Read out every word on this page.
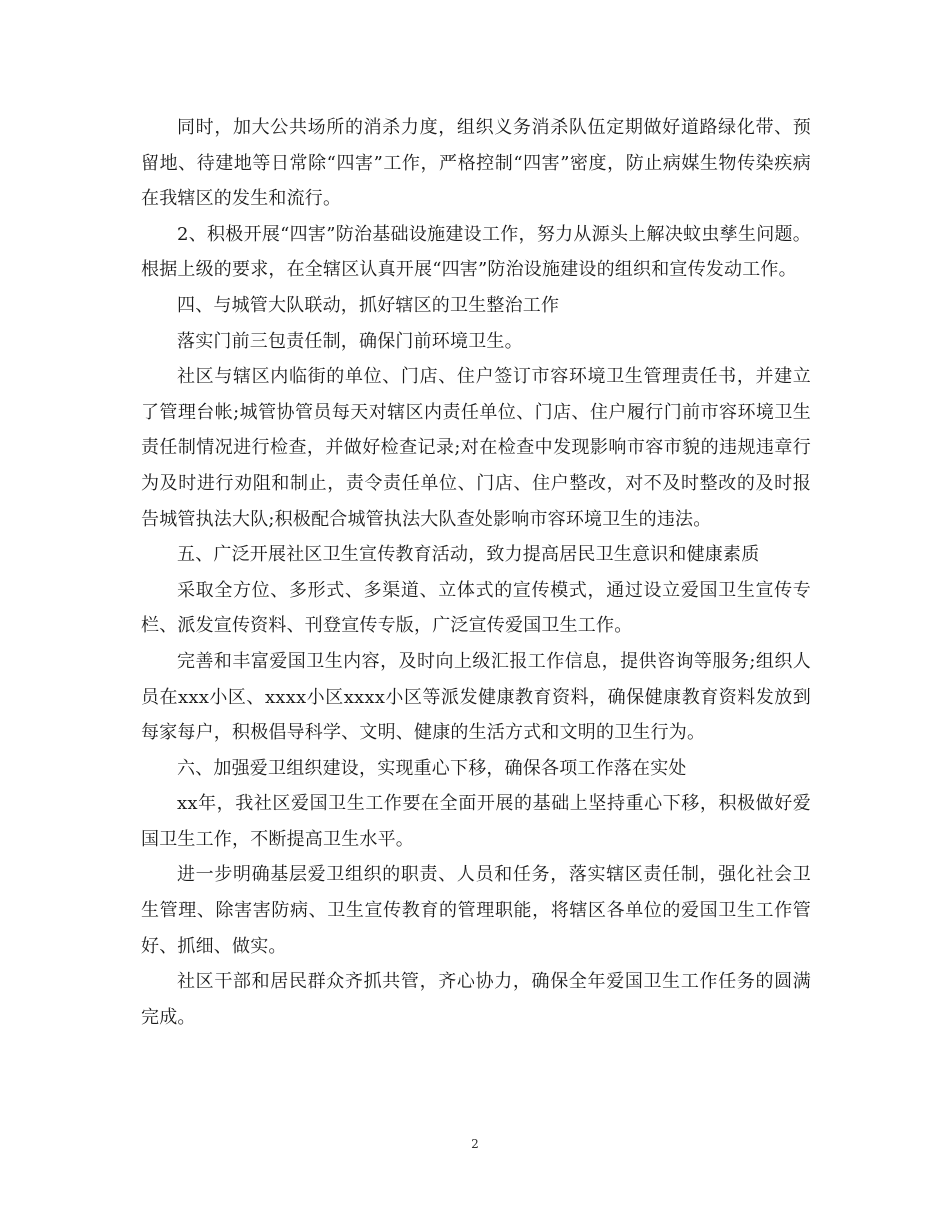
同时，加大公共场所的消杀力度，组织义务消杀队伍定期做好道路绿化带、预留地、待建地等日常除“四害”工作，严格控制“四害”密度，防止病媒生物传染疾病在我辖区的发生和流行。

2、积极开展“四害”防治基础设施建设工作，努力从源头上解决蚊虫孳生问题。根据上级的要求，在全辖区认真开展“四害”防治设施建设的组织和宣传发动工作。

四、与城管大队联动，抓好辖区的卫生整治工作

落实门前三包责任制，确保门前环境卫生。

社区与辖区内临街的单位、门店、住户签订市容环境卫生管理责任书，并建立了管理台帐;城管协管员每天对辖区内责任单位、门店、住户履行门前市容环境卫生责任制情况进行检查，并做好检查记录;对在检查中发现影响市容市貌的违规违章行为及时进行劝阻和制止，责令责任单位、门店、住户整改，对不及时整改的及时报告城管执法大队;积极配合城管执法大队查处影响市容环境卫生的违法。

五、广泛开展社区卫生宣传教育活动，致力提高居民卫生意识和健康素质

采取全方位、多形式、多渠道、立体式的宣传模式，通过设立爱国卫生宣传专栏、派发宣传资料、刊登宣传专版，广泛宣传爱国卫生工作。

完善和丰富爱国卫生内容，及时向上级汇报工作信息，提供咨询等服务;组织人员在xxx小区、xxxx小区xxxx小区等派发健康教育资料，确保健康教育资料发放到每家每户，积极倡导科学、文明、健康的生活方式和文明的卫生行为。

六、加强爱卫组织建设，实现重心下移，确保各项工作落在实处

xx年，我社区爱国卫生工作要在全面开展的基础上坚持重心下移，积极做好爱国卫生工作，不断提高卫生水平。

进一步明确基层爱卫组织的职责、人员和任务，落实辖区责任制，强化社会卫生管理、除害害防病、卫生宣传教育的管理职能，将辖区各单位的爱国卫生工作管好、抓细、做实。

社区干部和居民群众齐抓共管，齐心协力，确保全年爱国卫生工作任务的圆满完成。

2
